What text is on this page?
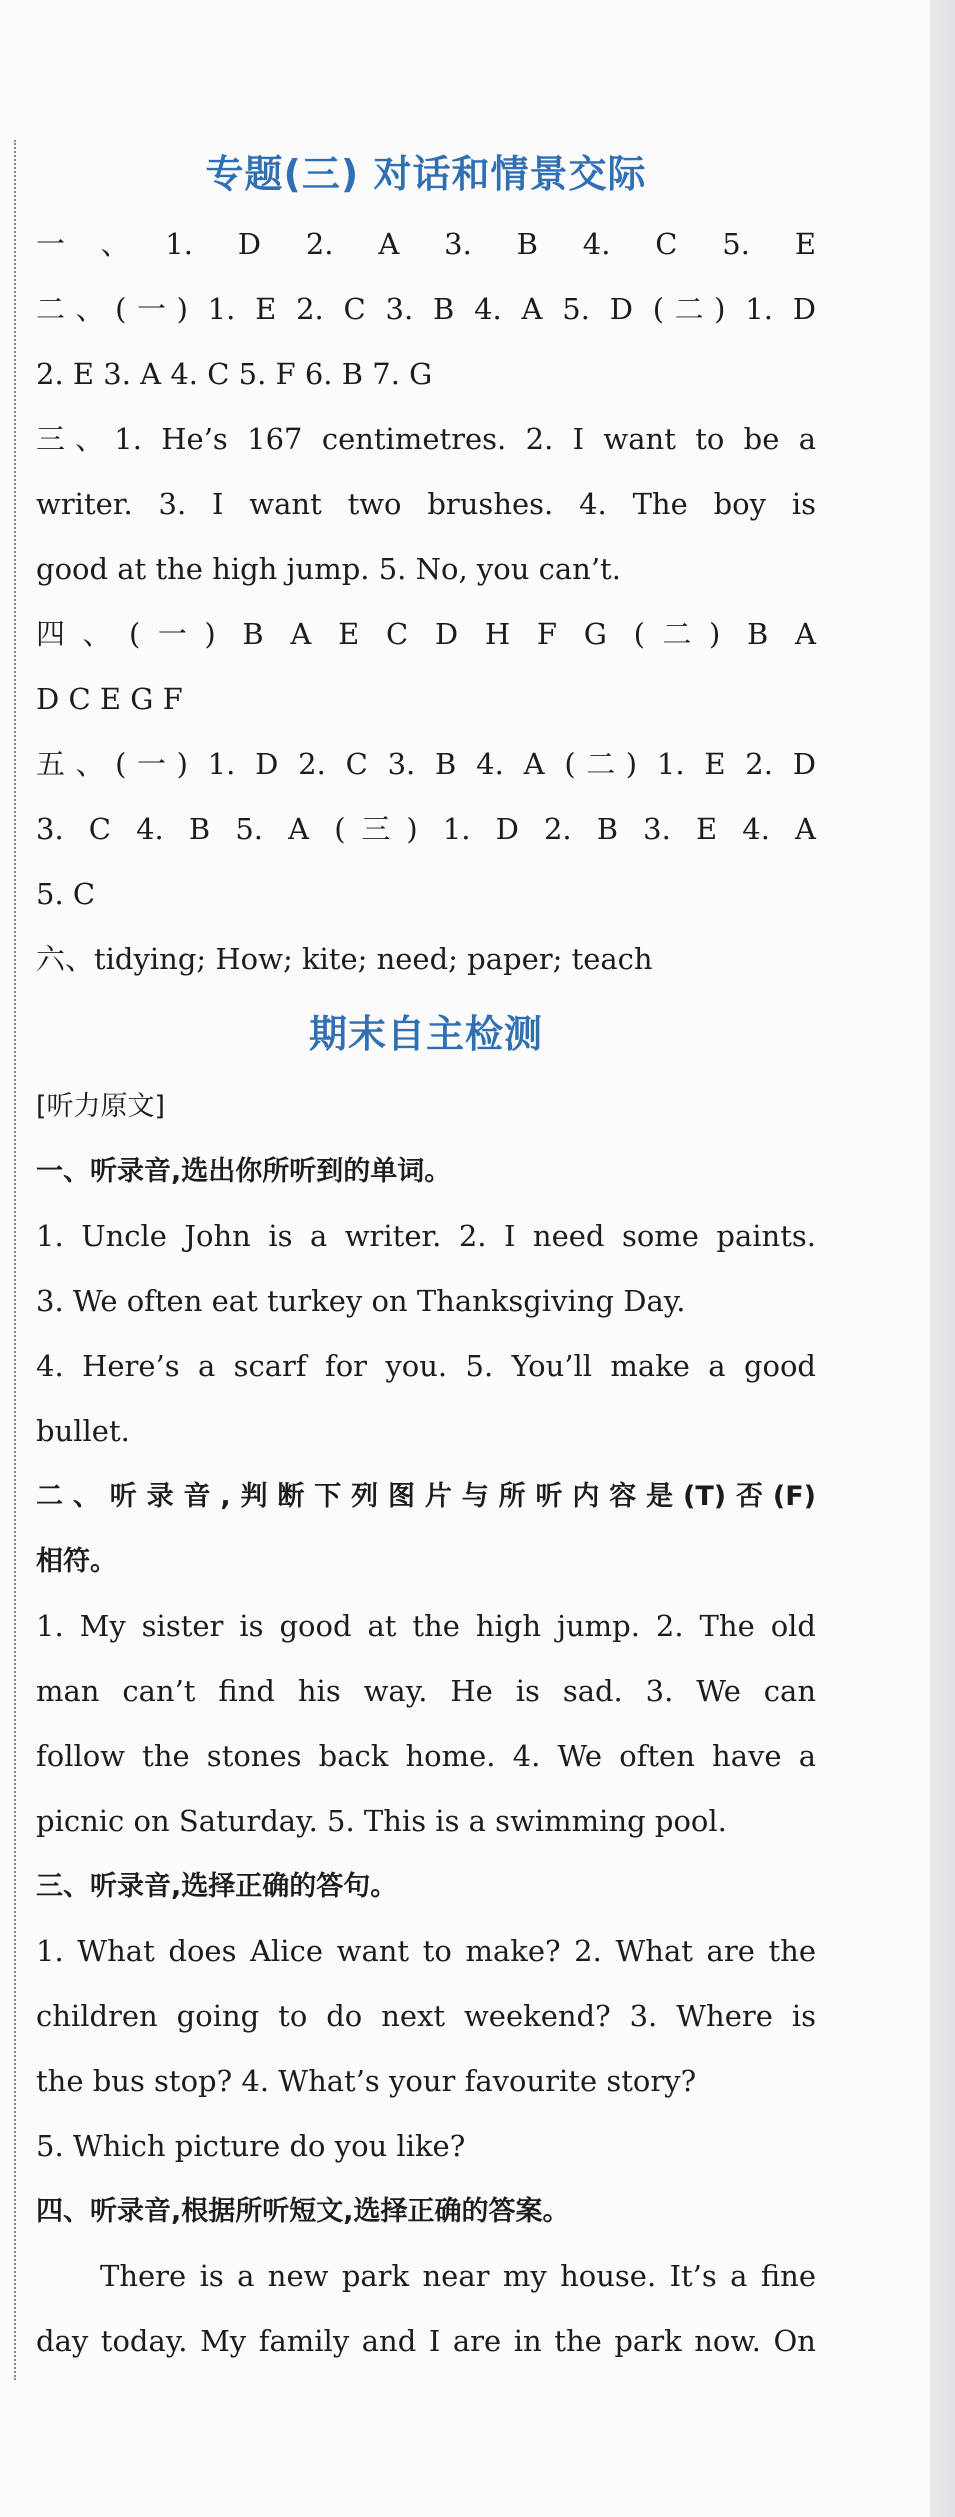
专题(三) 对话和情景交际

一、1. D 2. A 3. B 4. C 5. E

二、(一) 1. E 2. C 3. B 4. A 5. D (二) 1. D

2. E 3. A 4. C 5. F 6. B 7. G

三、1. He’s 167 centimetres. 2. I want to be a

writer. 3. I want two brushes. 4. The boy is

good at the high jump. 5. No, you can’t.

四、(一) B A E C D H F G (二) B A

D C E G F

五、(一) 1. D 2. C 3. B 4. A (二) 1. E 2. D

3. C 4. B 5. A (三) 1. D 2. B 3. E 4. A

5. C

六、tidying; How; kite; need; paper; teach

期末自主检测

[听力原文]

一、听录音,选出你所听到的单词。

1. Uncle John is a writer. 2. I need some paints.

3. We often eat turkey on Thanksgiving Day.

4. Here’s a scarf for you. 5. You’ll make a good

bullet.

二、听录音,判断下列图片与所听内容是(T)否(F)

相符。

1. My sister is good at the high jump. 2. The old

man can’t find his way. He is sad. 3. We can

follow the stones back home. 4. We often have a

picnic on Saturday. 5. This is a swimming pool.

三、听录音,选择正确的答句。

1. What does Alice want to make? 2. What are the

children going to do next weekend? 3. Where is

the bus stop? 4. What’s your favourite story?

5. Which picture do you like?

四、听录音,根据所听短文,选择正确的答案。

There is a new park near my house. It’s a fine

day today. My family and I are in the park now. On
